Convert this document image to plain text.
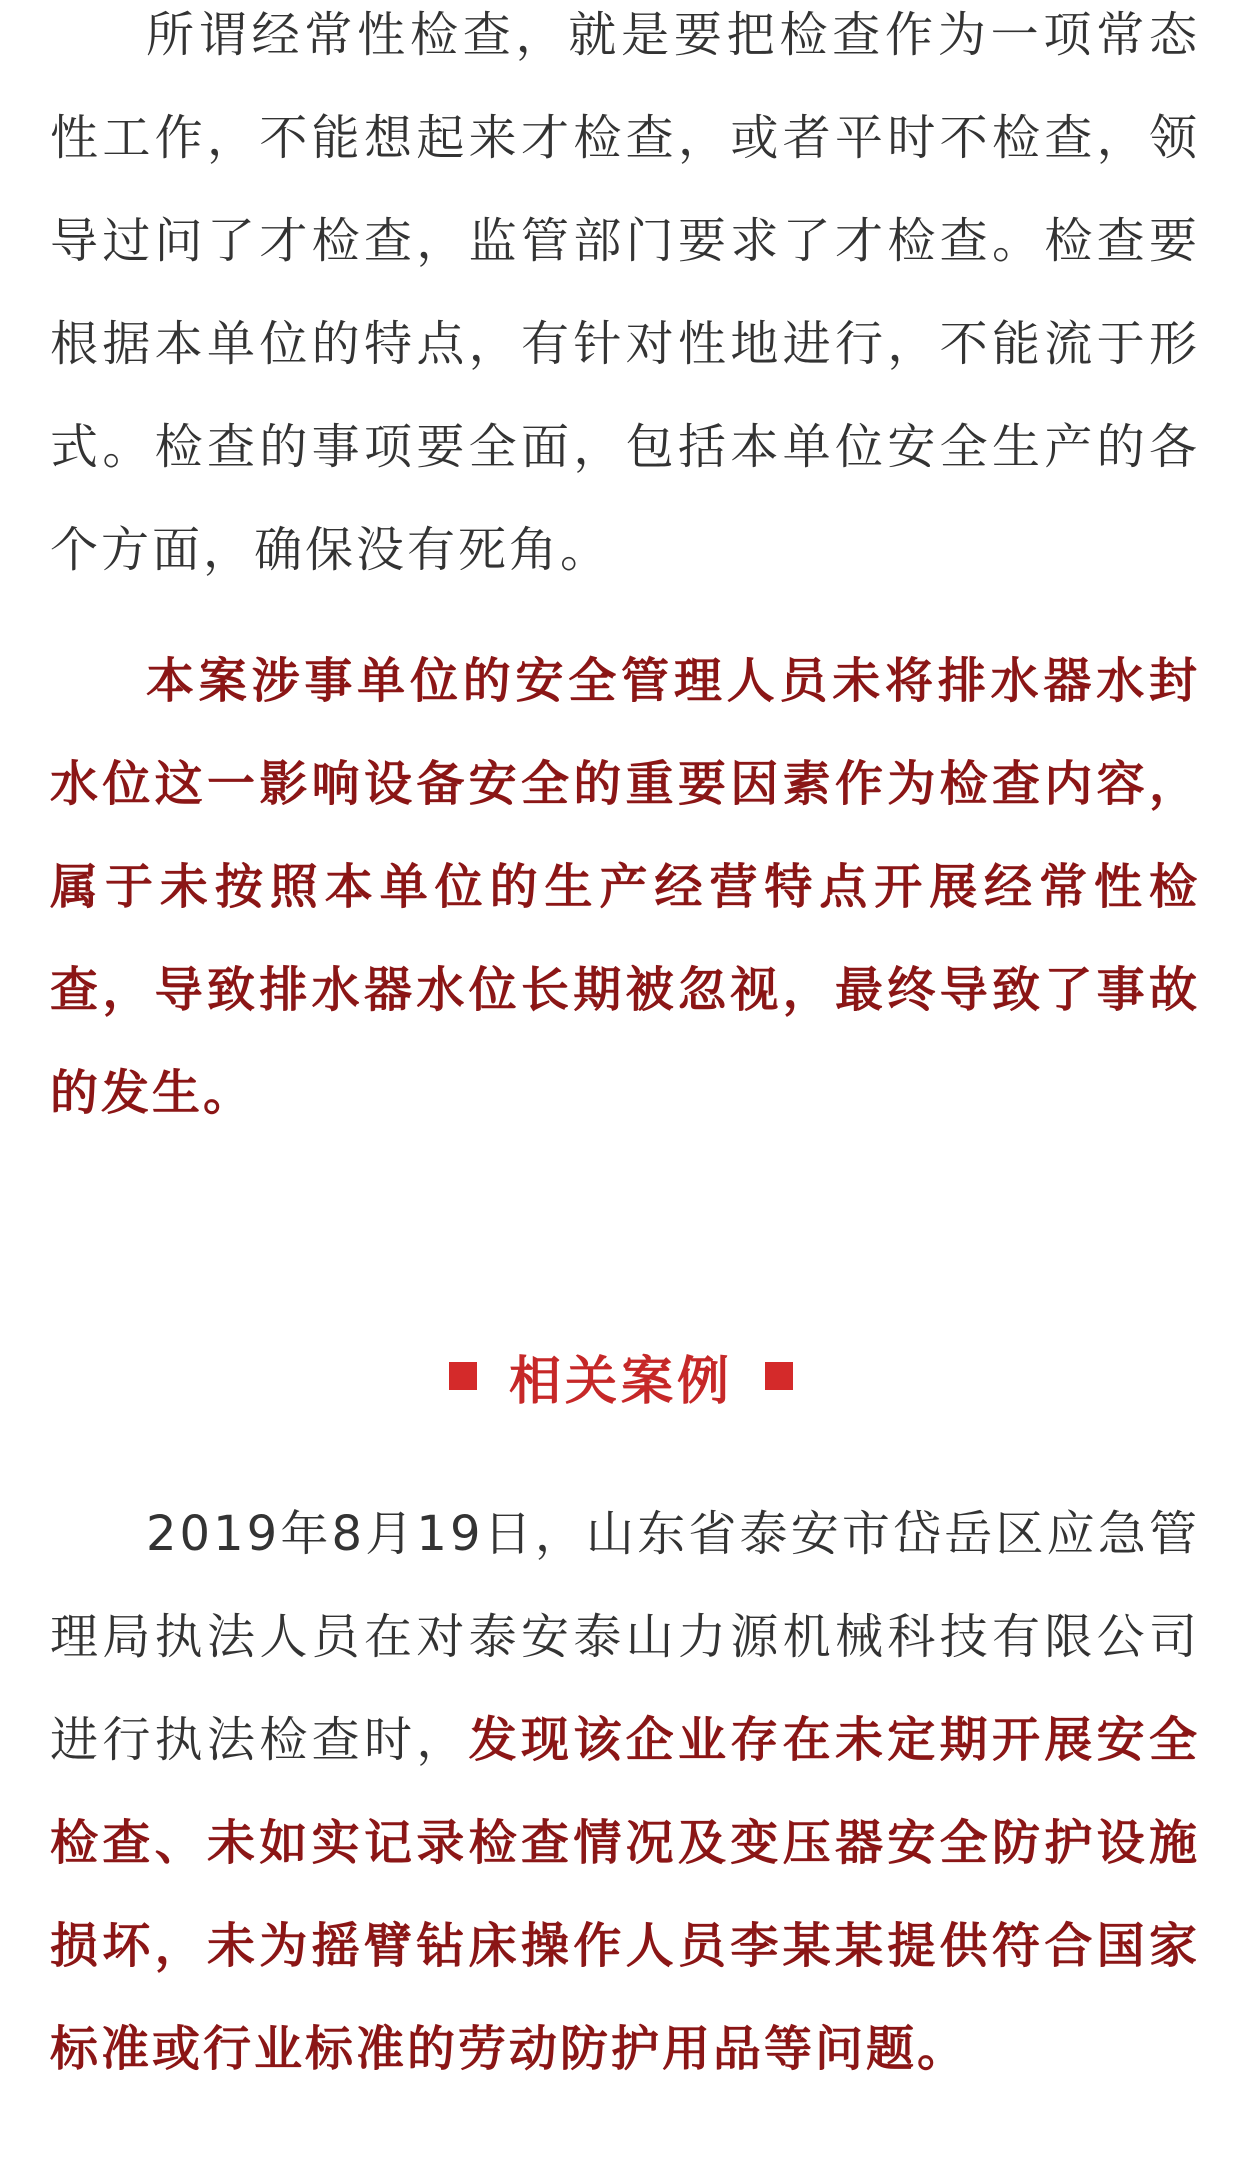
所谓经常性检查，就是要把检查作为一项常态性工作，不能想起来才检查，或者平时不检查，领导过问了才检查，监管部门要求了才检查。检查要根据本单位的特点，有针对性地进行，不能流于形式。检查的事项要全面，包括本单位安全生产的各个方面，确保没有死角。

本案涉事单位的安全管理人员未将排水器水封水位这一影响设备安全的重要因素作为检查内容，属于未按照本单位的生产经营特点开展经常性检查，导致排水器水位长期被忽视，最终导致了事故的发生。

相关案例

2019年8月19日，山东省泰安市岱岳区应急管理局执法人员在对泰安泰山力源机械科技有限公司进行执法检查时，发现该企业存在未定期开展安全检查、未如实记录检查情况及变压器安全防护设施损坏，未为摇臂钻床操作人员李某某提供符合国家标准或行业标准的劳动防护用品等问题。
